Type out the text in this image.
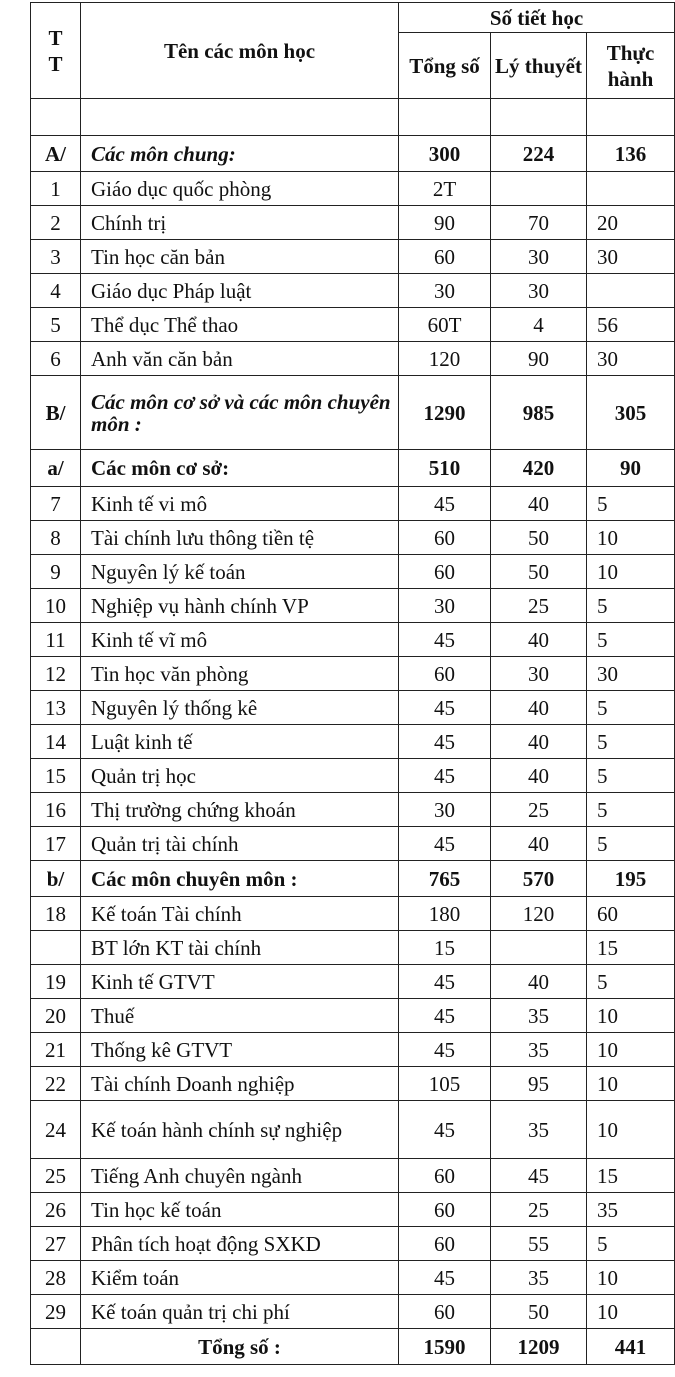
T T	Tên các môn học	Số tiết học		
		Tổng số	Lý thuyết	Thực hành

A/	Các môn chung:	300	224	136
1	Giáo dục quốc phòng	2T		
2	Chính trị	90	70	20
3	Tin học căn bản	60	30	30
4	Giáo dục Pháp luật	30	30	
5	Thể dục Thể thao	60T	4	56
6	Anh văn căn bản	120	90	30
B/	Các môn cơ sở và các môn chuyên môn :	1290	985	305
a/	Các môn cơ sở:	510	420	90
7	Kinh tế vi mô	45	40	5
8	Tài chính lưu thông tiền tệ	60	50	10
9	Nguyên lý kế toán	60	50	10
10	Nghiệp vụ hành chính VP	30	25	5
11	Kinh tế vĩ mô	45	40	5
12	Tin học văn phòng	60	30	30
13	Nguyên lý thống kê	45	40	5
14	Luật kinh tế	45	40	5
15	Quản trị học	45	40	5
16	Thị trường chứng khoán	30	25	5
17	Quản trị tài chính	45	40	5
b/	Các môn chuyên môn :	765	570	195
18	Kế toán Tài chính	180	120	60
	BT lớn KT tài chính	15		15
19	Kinh tế GTVT	45	40	5
20	Thuế	45	35	10
21	Thống kê GTVT	45	35	10
22	Tài chính Doanh nghiệp	105	95	10
24	Kế toán hành chính sự nghiệp	45	35	10
25	Tiếng Anh chuyên ngành	60	45	15
26	Tin học kế toán	60	25	35
27	Phân tích hoạt động SXKD	60	55	5
28	Kiểm toán	45	35	10
29	Kế toán quản trị chi phí	60	50	10
	Tổng số :	1590	1209	441
